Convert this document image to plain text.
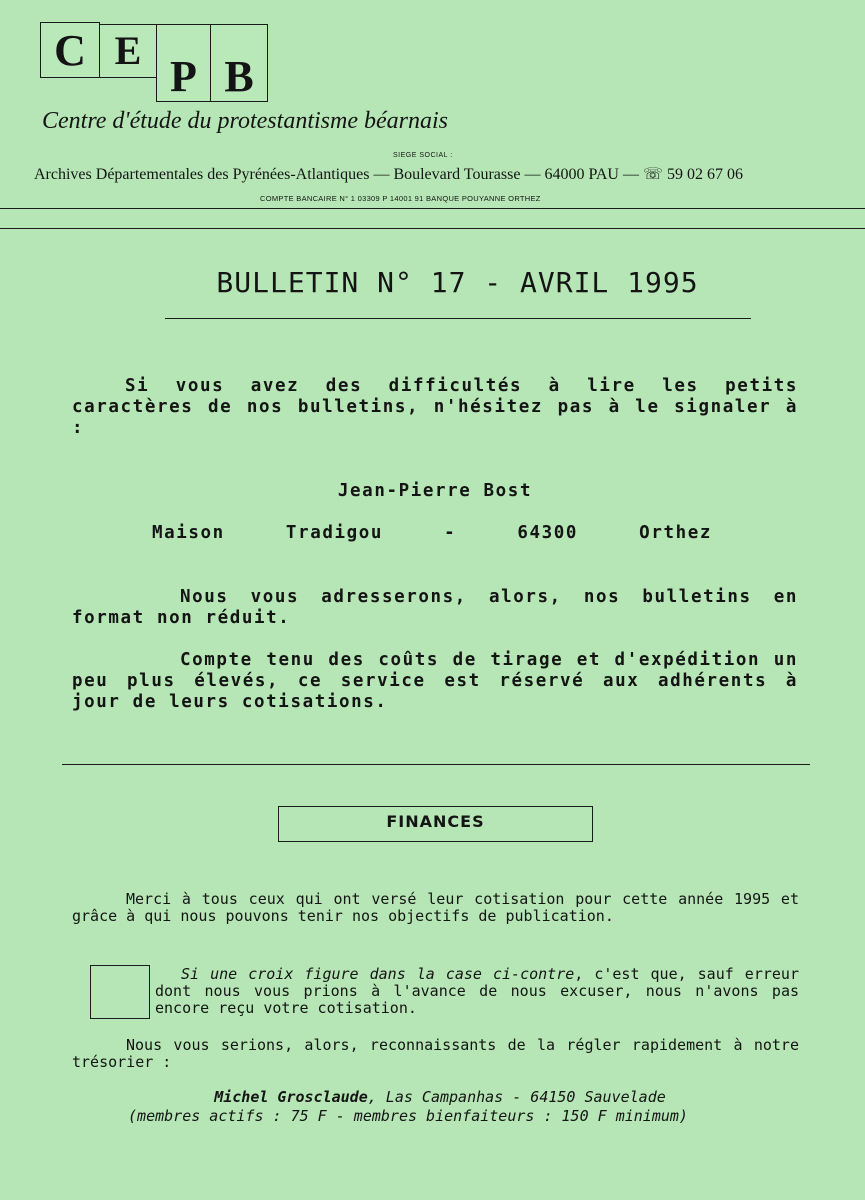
C E
P B
Centre d'étude du protestantisme béarnais
SIEGE SOCIAL :
Archives Départementales des Pyrénées-Atlantiques — Boulevard Tourasse — 64000 PAU — ☏ 59 02 67 06
COMPTE BANCAIRE N° 1 03309 P 14001 91 BANQUE POUYANNE ORTHEZ
BULLETIN N° 17 - AVRIL 1995
Si vous avez des difficultés à lire les petits caractères de nos bulletins, n'hésitez pas à le signaler à :
Jean-Pierre Bost
Maison Tradigou - 64300 Orthez
Nous vous adresserons, alors, nos bulletins en format non réduit.
Compte tenu des coûts de tirage et d'expédition un peu plus élevés, ce service est réservé aux adhérents à jour de leurs cotisations.
FINANCES
Merci à tous ceux qui ont versé leur cotisation pour cette année 1995 et grâce à qui nous pouvons tenir nos objectifs de publication.
Si une croix figure dans la case ci-contre, c'est que, sauf erreur dont nous vous prions à l'avance de nous excuser, nous n'avons pas encore reçu votre cotisation.
Nous vous serions, alors, reconnaissants de la régler rapidement à notre trésorier :
Michel Grosclaude, Las Campanhas - 64150 Sauvelade
(membres actifs : 75 F - membres bienfaiteurs : 150 F minimum)
